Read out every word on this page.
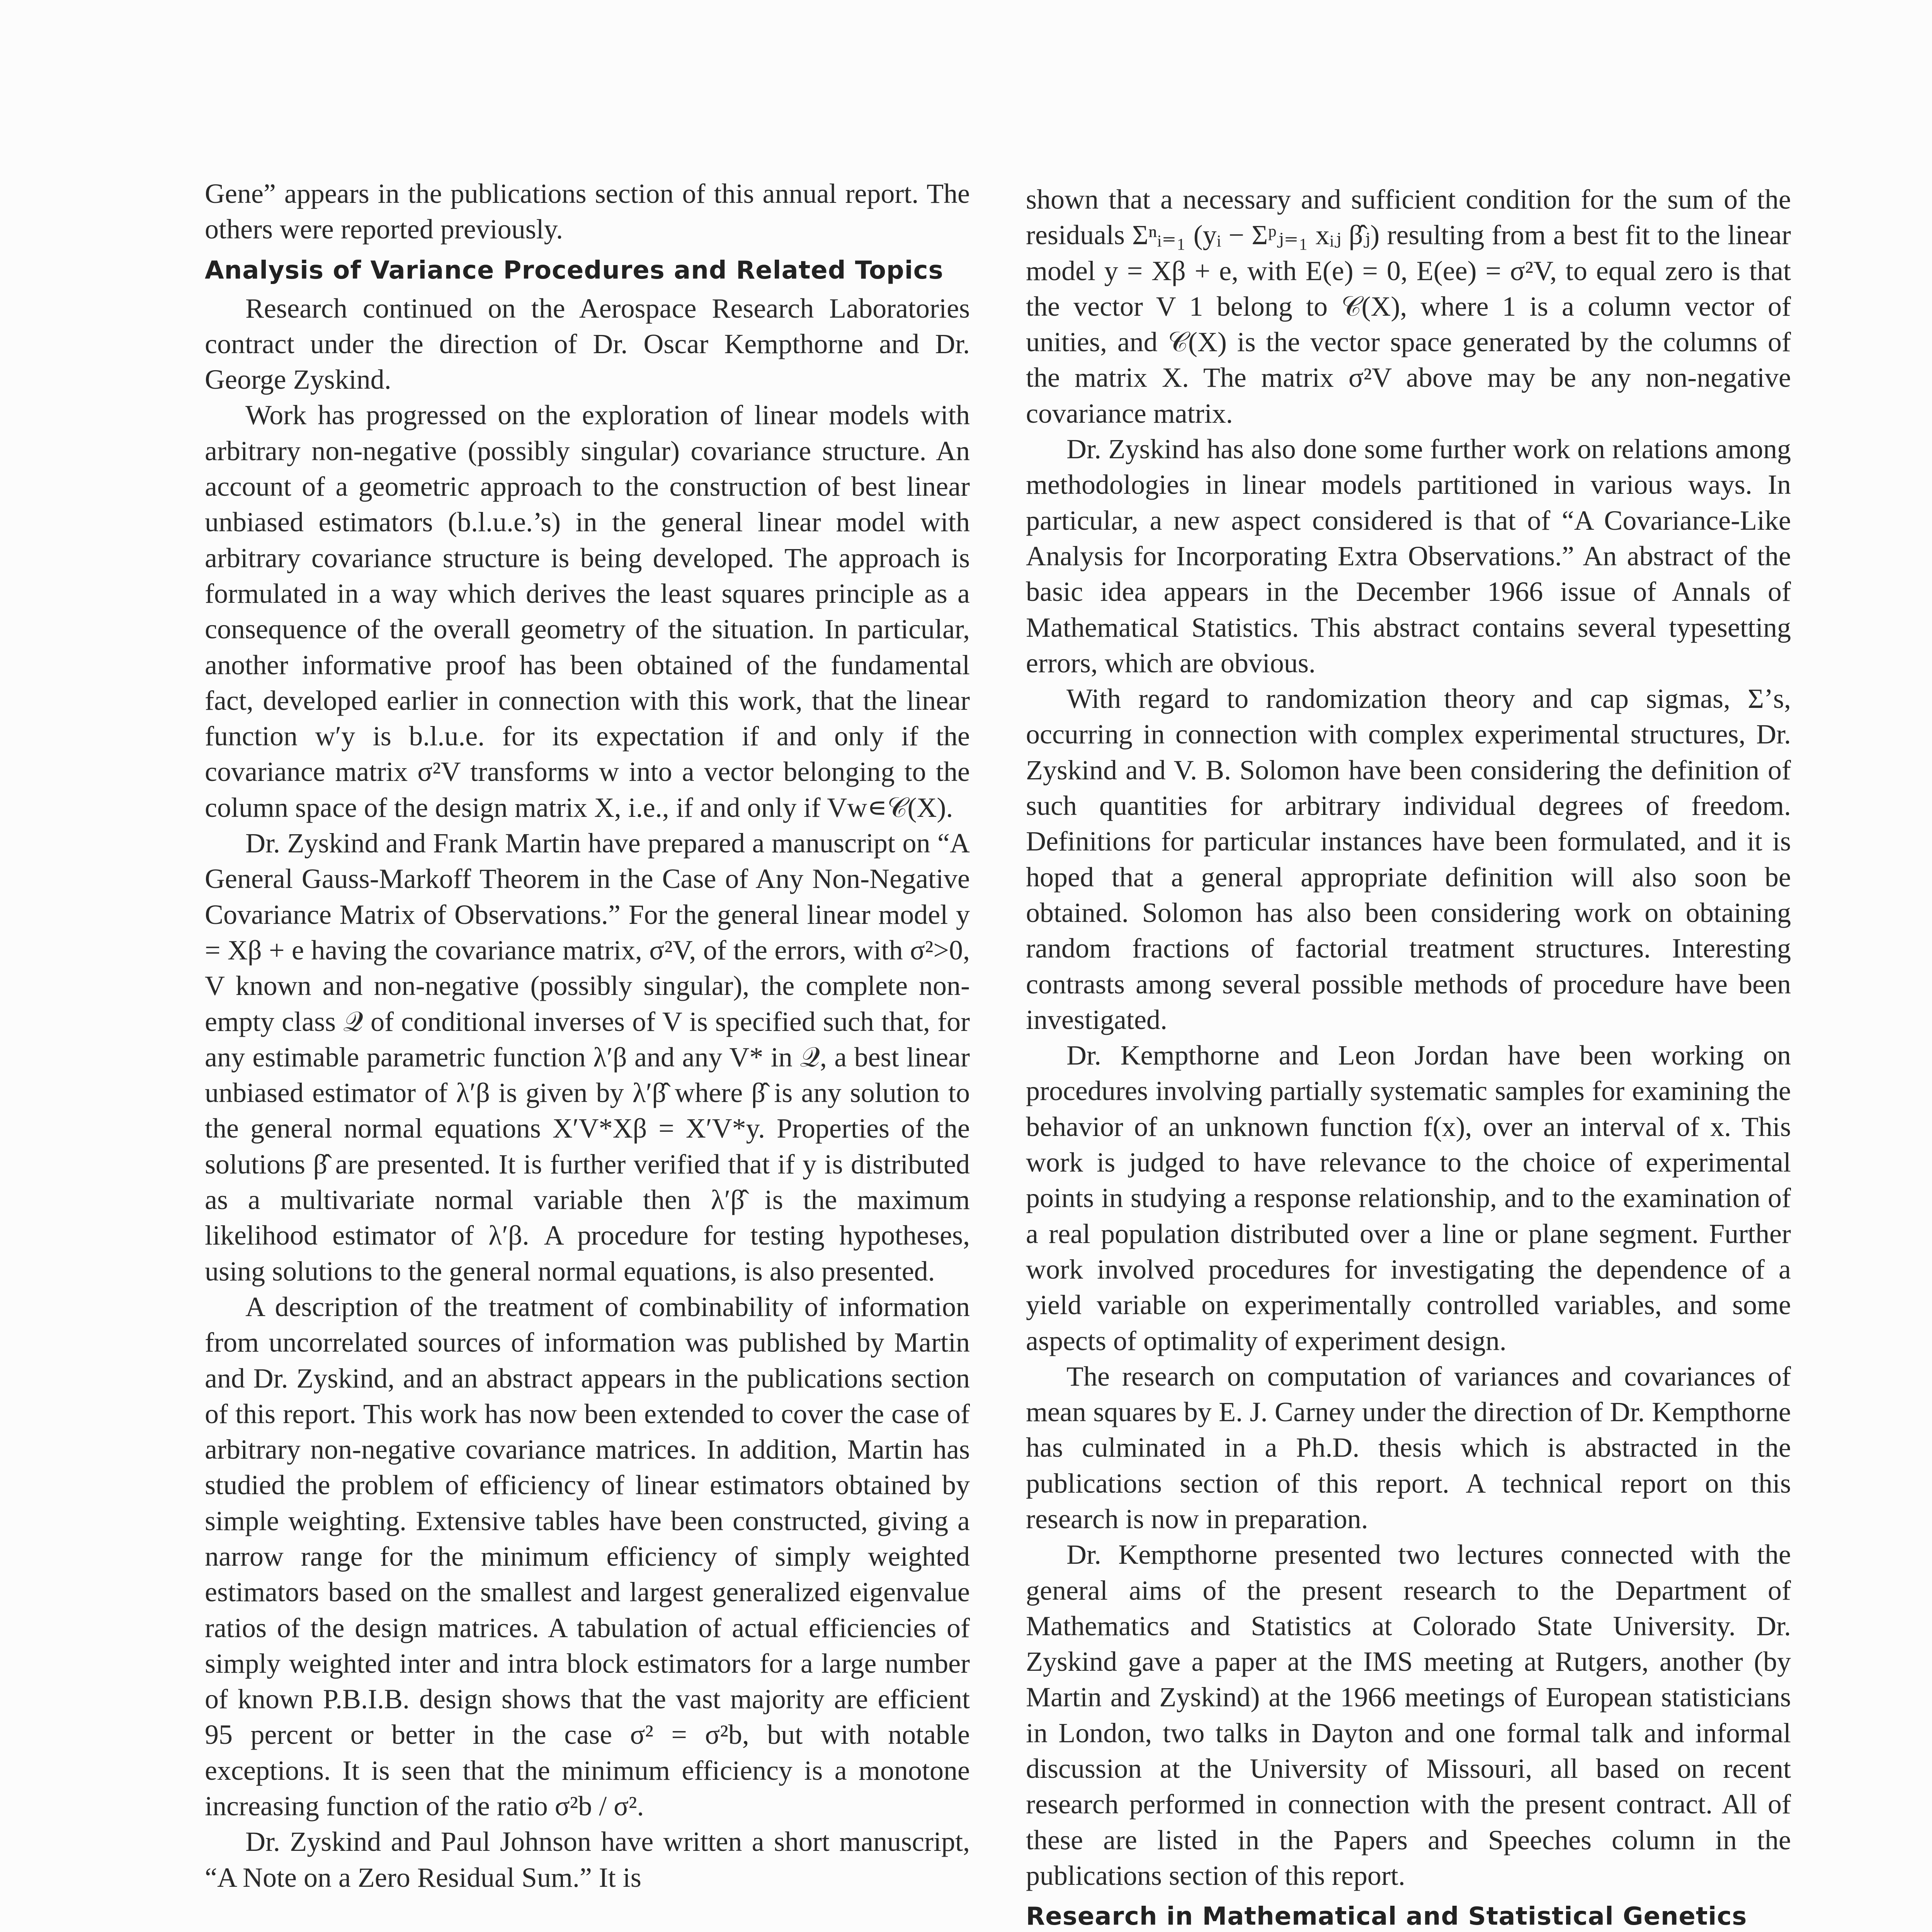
Gene” appears in the publications section of this annual report. The others were reported previously.

Analysis of Variance Procedures and Related Topics

Research continued on the Aerospace Research Laboratories contract under the direction of Dr. Oscar Kempthorne and Dr. George Zyskind.

Work has progressed on the exploration of linear models with arbitrary non-negative (possibly singular) covariance structure. An account of a geometric approach to the construction of best linear unbiased estimators (b.l.u.e.’s) in the general linear model with arbitrary covariance structure is being developed. The approach is formulated in a way which derives the least squares principle as a consequence of the overall geometry of the situation. In particular, another informative proof has been obtained of the fundamental fact, developed earlier in connection with this work, that the linear function w′y is b.l.u.e. for its expectation if and only if the covariance matrix σ²V transforms w into a vector belonging to the column space of the design matrix X, i.e., if and only if Vw∊𝒞(X).

Dr. Zyskind and Frank Martin have prepared a manuscript on “A General Gauss-Markoff Theorem in the Case of Any Non-Negative Covariance Matrix of Observations.” For the general linear model y = Xβ + e having the covariance matrix, σ²V, of the errors, with σ²>0, V known and non-negative (possibly singular), the complete non-empty class 𝒬 of conditional inverses of V is specified such that, for any estimable parametric function λ′β and any V* in 𝒬, a best linear unbiased estimator of λ′β is given by λ′β̂ where β̂ is any solution to the general normal equations X′V*Xβ = X′V*y. Properties of the solutions β̂ are presented. It is further verified that if y is distributed as a multivariate normal variable then λ′β̂ is the maximum likelihood estimator of λ′β. A procedure for testing hypotheses, using solutions to the general normal equations, is also presented.

A description of the treatment of combinability of information from uncorrelated sources of information was published by Martin and Dr. Zyskind, and an abstract appears in the publications section of this report. This work has now been extended to cover the case of arbitrary non-negative covariance matrices. In addition, Martin has studied the problem of efficiency of linear estimators obtained by simple weighting. Extensive tables have been constructed, giving a narrow range for the minimum efficiency of simply weighted estimators based on the smallest and largest generalized eigenvalue ratios of the design matrices. A tabulation of actual efficiencies of simply weighted inter and intra block estimators for a large number of known P.B.I.B. design shows that the vast majority are efficient 95 percent or better in the case σ² = σ²b, but with notable exceptions. It is seen that the minimum efficiency is a monotone increasing function of the ratio σ²b / σ².

Dr. Zyskind and Paul Johnson have written a short manuscript, “A Note on a Zero Residual Sum.” It is

shown that a necessary and sufficient condition for the sum of the residuals Σⁿᵢ₌₁ (yᵢ − Σᵖⱼ₌₁ xᵢⱼ β̂ⱼ) resulting from a best fit to the linear model y = Xβ + e, with E(e) = 0, E(ee) = σ²V, to equal zero is that the vector V 1 belong to 𝒞(X), where 1 is a column vector of unities, and 𝒞(X) is the vector space generated by the columns of the matrix X. The matrix σ²V above may be any non-negative covariance matrix.

Dr. Zyskind has also done some further work on relations among methodologies in linear models partitioned in various ways. In particular, a new aspect considered is that of “A Covariance-Like Analysis for Incorporating Extra Observations.” An abstract of the basic idea appears in the December 1966 issue of Annals of Mathematical Statistics. This abstract contains several typesetting errors, which are obvious.

With regard to randomization theory and cap sigmas, Σ’s, occurring in connection with complex experimental structures, Dr. Zyskind and V. B. Solomon have been considering the definition of such quantities for arbitrary individual degrees of freedom. Definitions for particular instances have been formulated, and it is hoped that a general appropriate definition will also soon be obtained. Solomon has also been considering work on obtaining random fractions of factorial treatment structures. Interesting contrasts among several possible methods of procedure have been investigated.

Dr. Kempthorne and Leon Jordan have been working on procedures involving partially systematic samples for examining the behavior of an unknown function f(x), over an interval of x. This work is judged to have relevance to the choice of experimental points in studying a response relationship, and to the examination of a real population distributed over a line or plane segment. Further work involved procedures for investigating the dependence of a yield variable on experimentally controlled variables, and some aspects of optimality of experiment design.

The research on computation of variances and covariances of mean squares by E. J. Carney under the direction of Dr. Kempthorne has culminated in a Ph.D. thesis which is abstracted in the publications section of this report. A technical report on this research is now in preparation.

Dr. Kempthorne presented two lectures connected with the general aims of the present research to the Department of Mathematics and Statistics at Colorado State University. Dr. Zyskind gave a paper at the IMS meeting at Rutgers, another (by Martin and Zyskind) at the 1966 meetings of European statisticians in London, two talks in Dayton and one formal talk and informal discussion at the University of Missouri, all based on recent research performed in connection with the present contract. All of these are listed in the Papers and Speeches column in the publications section of this report.

Research in Mathematical and Statistical Genetics
